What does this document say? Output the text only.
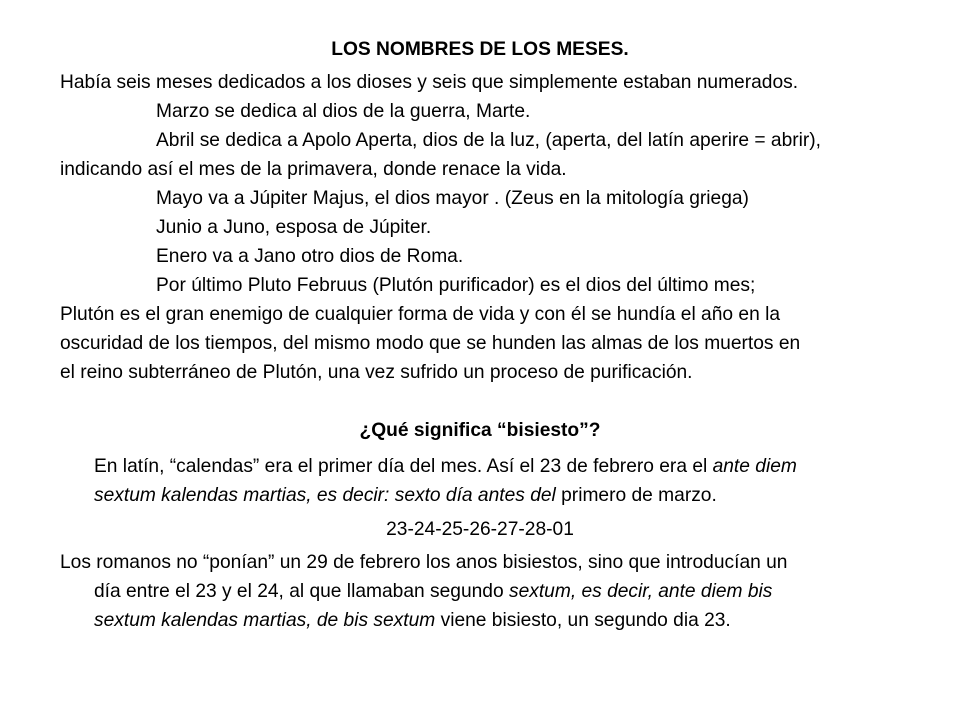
LOS NOMBRES DE LOS MESES.
Había seis meses dedicados a los dioses y seis que simplemente estaban numerados.
Marzo se dedica al dios de la guerra, Marte.
Abril se dedica a Apolo Aperta, dios de la luz, (aperta, del latín aperire = abrir),
indicando así el mes de la primavera, donde renace la vida.
Mayo va a Júpiter Majus, el dios mayor . (Zeus en la mitología griega)
Junio a Juno, esposa de Júpiter.
Enero va a Jano otro dios de Roma.
Por último Pluto Februus (Plutón purificador) es el dios del último mes;
Plutón es el gran enemigo de cualquier forma de vida y con él se hundía el año en la
oscuridad de los tiempos, del mismo modo que se hunden las almas de los muertos en
el reino subterráneo de Plutón, una vez sufrido un proceso de purificación.
¿Qué significa “bisiesto”?
En latín, “calendas” era el primer día del mes. Así el 23 de febrero era el ante diem
sextum kalendas martias, es decir: sexto día antes del primero de marzo.
23-24-25-26-27-28-01
Los romanos no “ponían” un 29 de febrero los anos bisiestos, sino que introducían un
día entre el 23 y el 24, al que llamaban segundo sextum, es decir, ante diem bis
sextum kalendas martias, de bis sextum viene bisiesto, un segundo dia 23.
